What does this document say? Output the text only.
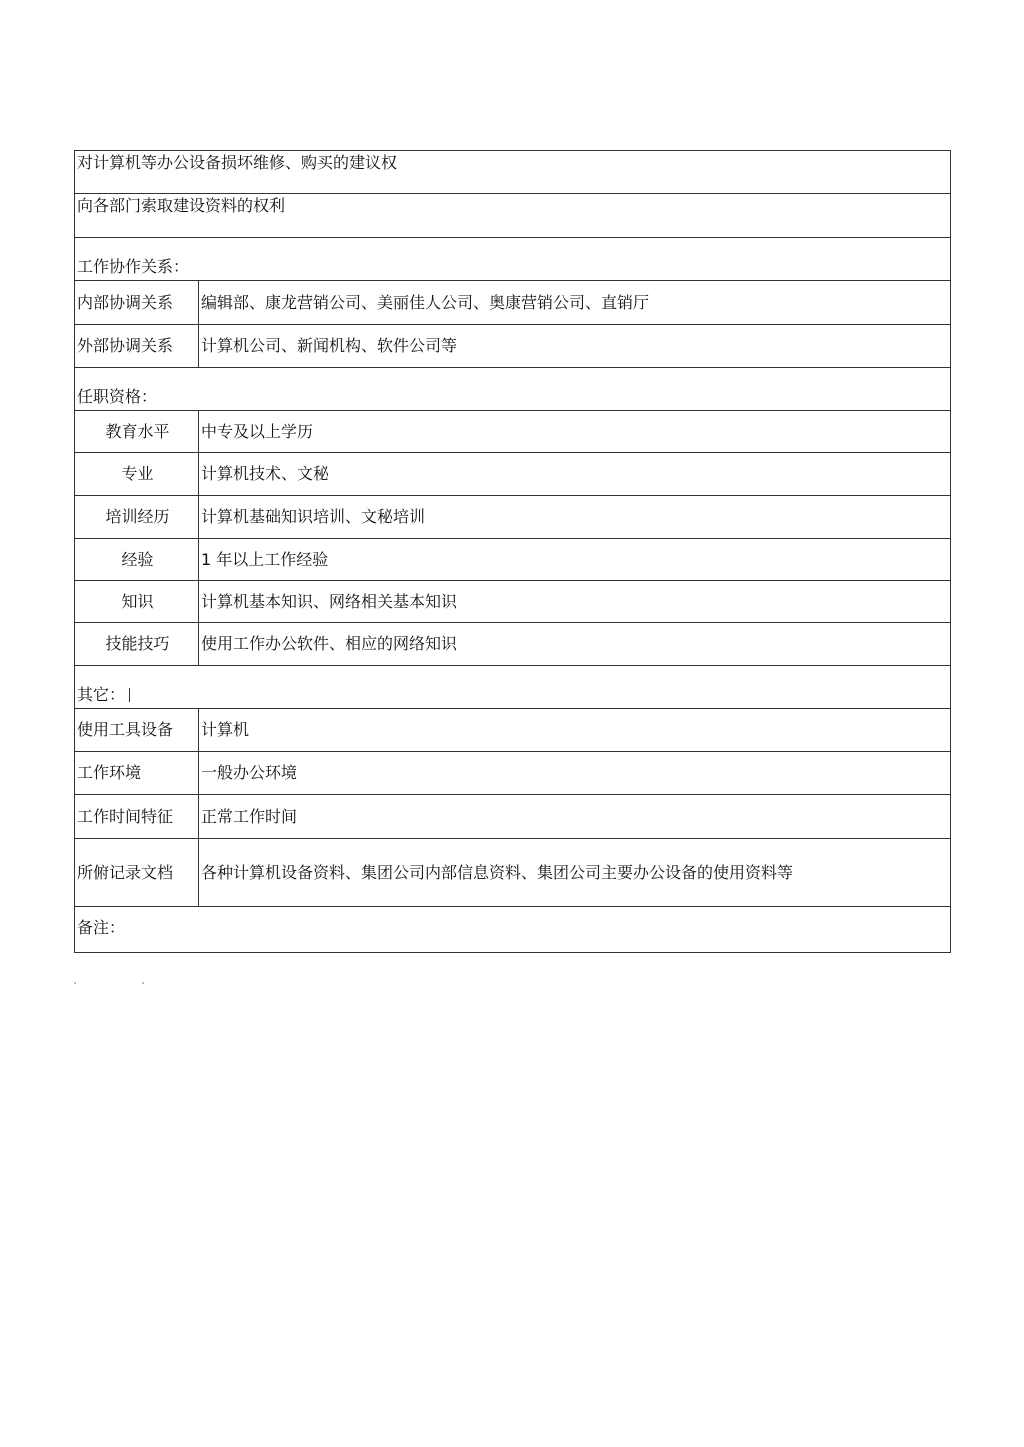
对计算机等办公设备损坏维修、购买的建议权	
向各部门索取建设资料的权利	
工作协作关系：	
内部协调关系	编辑部、康龙营销公司、美丽佳人公司、奥康营销公司、直销厅
外部协调关系	计算机公司、新闻机构、软件公司等
任职资格：	
教育水平	中专及以上学历
专业	计算机技术、文秘
培训经历	计算机基础知识培训、文秘培训
经验	1 年以上工作经验
知识	计算机基本知识、网络相关基本知识
技能技巧	使用工作办公软件、相应的网络知识
其它：	
使用工具设备	计算机
工作环境	一般办公环境
工作时间特征	正常工作时间
所俯记录文档	各种计算机设备资料、集团公司内部信息资料、集团公司主要办公设备的使用资料等
备注：	
